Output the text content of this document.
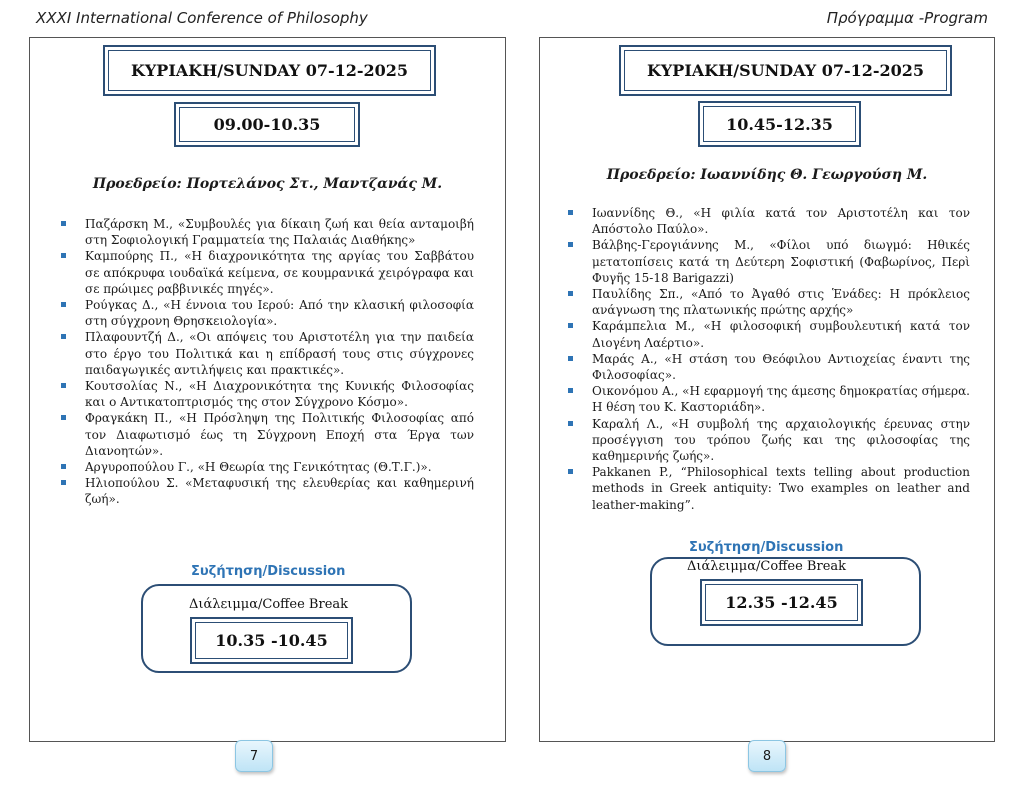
XXXI International Conference of Philosophy	Πρόγραμμα -Program
ΚΥΡΙΑΚΗ/SUNDAY 07-12-2025
09.00-10.35
Προεδρείο: Πορτελάνος Στ., Μαντζανάς Μ.
Παζάρσκη Μ., «Συμβουλές για δίκαιη ζωή και θεία ανταμοιβή στη Σοφιολογική Γραμματεία της Παλαιάς Διαθήκης»
Καμπούρης Π., «Η διαχρονικότητα της αργίας του Σαββάτου σε απόκρυφα ιουδαϊκά κείμενα, σε κουμρανικά χειρόγραφα και σε πρώιμες ραββινικές πηγές».
Ρούγκας Δ., «Η έννοια του Ιερού: Από την κλασική φιλοσοφία στη σύγχρονη Θρησκειολογία».
Πλαφουντζή Δ., «Οι απόψεις του Αριστοτέλη για την παιδεία στο έργο του Πολιτικά και η επίδρασή τους στις σύγχρονες παιδαγωγικές αντιλήψεις και πρακτικές».
Κουτσολίας Ν., «Η Διαχρονικότητα της Κυνικής Φιλοσοφίας και ο Αντικατοπτρισμός της στον Σύγχρονο Κόσμο».
Φραγκάκη Π., «Η Πρόσληψη της Πολιτικής Φιλοσοφίας από τον Διαφωτισμό έως τη Σύγχρονη Εποχή στα Έργα των Διανοητών».
Αργυροπούλου Γ., «Η Θεωρία της Γενικότητας (Θ.Τ.Γ.)».
Ηλιοπούλου Σ. «Μεταφυσική της ελευθερίας και καθημερινή ζωή».
Συζήτηση/Discussion
Διάλειμμα/Coffee Break
10.35 -10.45
ΚΥΡΙΑΚΗ/SUNDAY 07-12-2025
10.45-12.35
Προεδρείο: Ιωαννίδης Θ. Γεωργούση Μ.
Ιωαννίδης Θ., «Η φιλία κατά τον Αριστοτέλη και τον Απόστολο Παύλο».
Βάλβης-Γερογιάννης Μ., «Φίλοι υπό διωγμό: Ηθικές μετατοπίσεις κατά τη Δεύτερη Σοφιστική (Φαβωρίνος, Περὶ Φυγῆς 15-18 Barigazzi)
Παυλίδης Σπ., «Από το Ἀγαθό στις Ἑνάδες: Η πρόκλειος ανάγνωση της πλατωνικής πρώτης αρχής»
Καράμπελια Μ., «Η φιλοσοφική συμβουλευτική κατά τον Διογένη Λαέρτιο».
Μαράς Α., «Η στάση του Θεόφιλου Αντιοχείας έναντι της Φιλοσοφίας».
Οικονόμου Α., «Η εφαρμογή της άμεσης δημοκρατίας σήμερα. Η θέση του Κ. Καστοριάδη».
Καραλή Λ., «Η συμβολή της αρχαιολογικής έρευνας στην προσέγγιση του τρόπου ζωής και της φιλοσοφίας της καθημερινής ζωής».
Pakkanen P., “Philosophical texts telling about production methods in Greek antiquity: Two examples on leather and leather-making”.
Συζήτηση/Discussion
Διάλειμμα/Coffee Break
12.35 -12.45
7	8
